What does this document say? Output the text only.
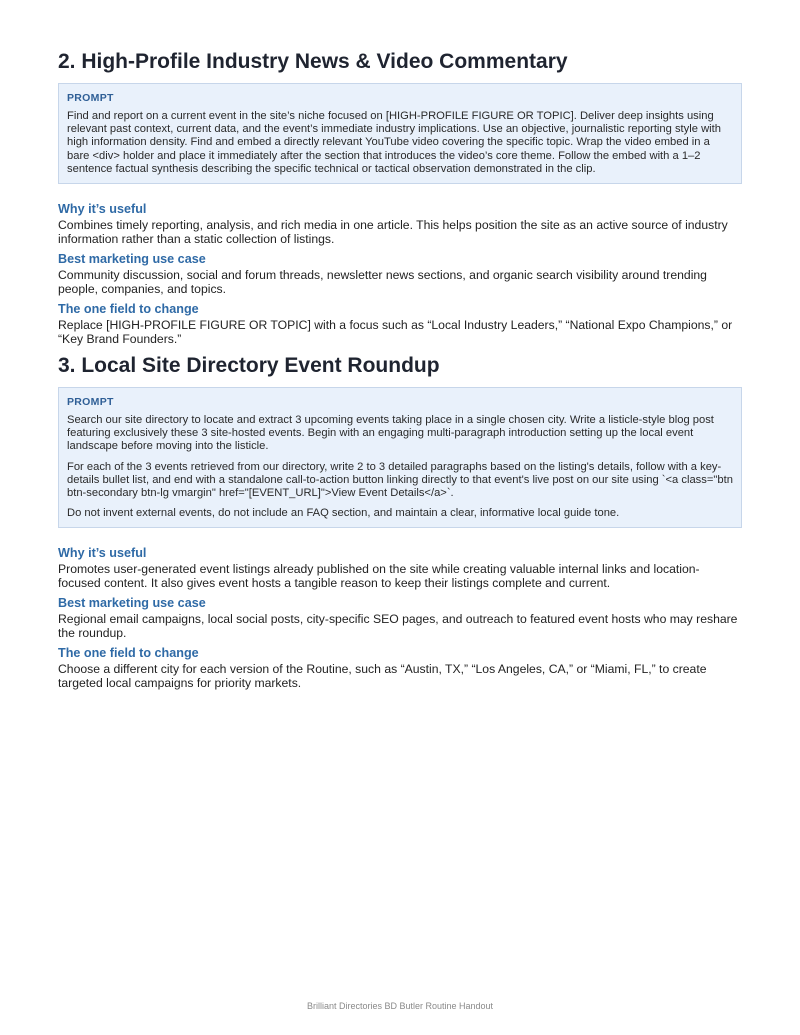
2. High-Profile Industry News & Video Commentary
PROMPT

Find and report on a current event in the site’s niche focused on [HIGH-PROFILE FIGURE OR TOPIC]. Deliver deep insights using relevant past context, current data, and the event’s immediate industry implications. Use an objective, journalistic reporting style with high information density. Find and embed a directly relevant YouTube video covering the specific topic. Wrap the video embed in a bare <div> holder and place it immediately after the section that introduces the video’s core theme. Follow the embed with a 1–2 sentence factual synthesis describing the specific technical or tactical observation demonstrated in the clip.

Why it’s useful

Combines timely reporting, analysis, and rich media in one article. This helps position the site as an active source of industry information rather than a static collection of listings.

Best marketing use case

Community discussion, social and forum threads, newsletter news sections, and organic search visibility around trending people, companies, and topics.

The one field to change

Replace [HIGH-PROFILE FIGURE OR TOPIC] with a focus such as “Local Industry Leaders,” “National Expo Champions,” or “Key Brand Founders.”

3. Local Site Directory Event Roundup
PROMPT

Search our site directory to locate and extract 3 upcoming events taking place in a single chosen city. Write a listicle-style blog post featuring exclusively these 3 site-hosted events. Begin with an engaging multi-paragraph introduction setting up the local event landscape before moving into the listicle.

For each of the 3 events retrieved from our directory, write 2 to 3 detailed paragraphs based on the listing's details, follow with a key-details bullet list, and end with a standalone call-to-action button linking directly to that event's live post on our site using `<a class="btn btn-secondary btn-lg vmargin" href="[EVENT_URL]">View Event Details</a>`.

Do not invent external events, do not include an FAQ section, and maintain a clear, informative local guide tone.

Why it’s useful

Promotes user-generated event listings already published on the site while creating valuable internal links and location-focused content. It also gives event hosts a tangible reason to keep their listings complete and current.

Best marketing use case

Regional email campaigns, local social posts, city-specific SEO pages, and outreach to featured event hosts who may reshare the roundup.

The one field to change

Choose a different city for each version of the Routine, such as “Austin, TX,” “Los Angeles, CA,” or “Miami, FL,” to create targeted local campaigns for priority markets.

Brilliant Directories BD Butler Routine Handout
